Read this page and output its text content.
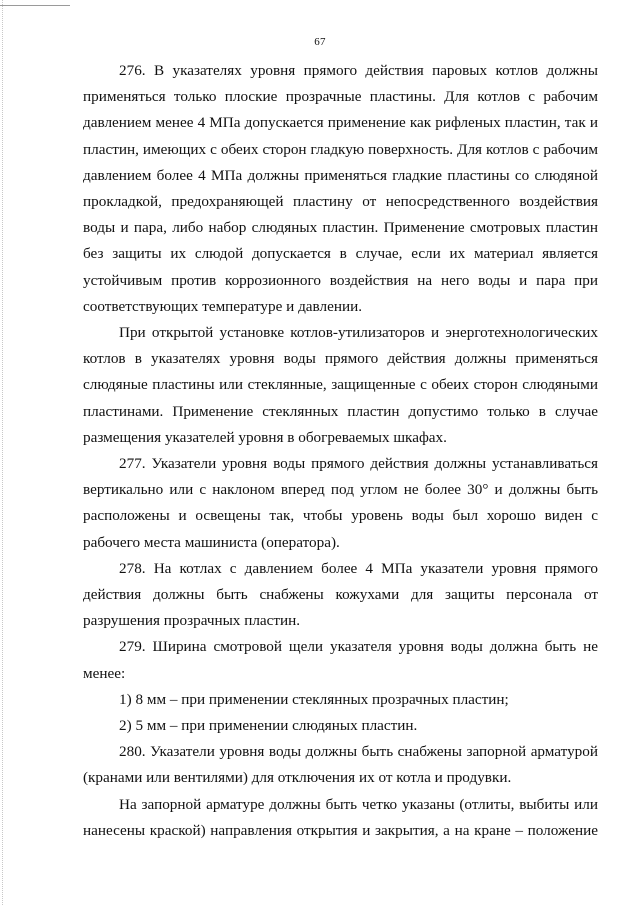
67

276. В указателях уровня прямого действия паровых котлов должны применяться только плоские прозрачные пластины. Для котлов с рабочим давлением менее 4 МПа допускается применение как рифленых пластин, так и пластин, имеющих с обеих сторон гладкую поверхность. Для котлов с рабочим давлением более 4 МПа должны применяться гладкие пластины со слюдяной прокладкой, предохраняющей пластину от непосредственного воздействия воды и пара, либо набор слюдяных пластин. Применение смотровых пластин без защиты их слюдой допускается в случае, если их материал является устойчивым против коррозионного воздействия на него воды и пара при соответствующих температуре и давлении.

При открытой установке котлов-утилизаторов и энерготехнологических котлов в указателях уровня воды прямого действия должны применяться слюдяные пластины или стеклянные, защищенные с обеих сторон слюдяными пластинами. Применение стеклянных пластин допустимо только в случае размещения указателей уровня в обогреваемых шкафах.

277. Указатели уровня воды прямого действия должны устанавливаться вертикально или с наклоном вперед под углом не более 30° и должны быть расположены и освещены так, чтобы уровень воды был хорошо виден с рабочего места машиниста (оператора).

278. На котлах с давлением более 4 МПа указатели уровня прямого действия должны быть снабжены кожухами для защиты персонала от разрушения прозрачных пластин.

279. Ширина смотровой щели указателя уровня воды должна быть не менее:

1) 8 мм – при применении стеклянных прозрачных пластин;

2) 5 мм – при применении слюдяных пластин.

280. Указатели уровня воды должны быть снабжены запорной арматурой (кранами или вентилями) для отключения их от котла и продувки.

На запорной арматуре должны быть четко указаны (отлиты, выбиты или нанесены краской) направления открытия и закрытия, а на кране – положение
